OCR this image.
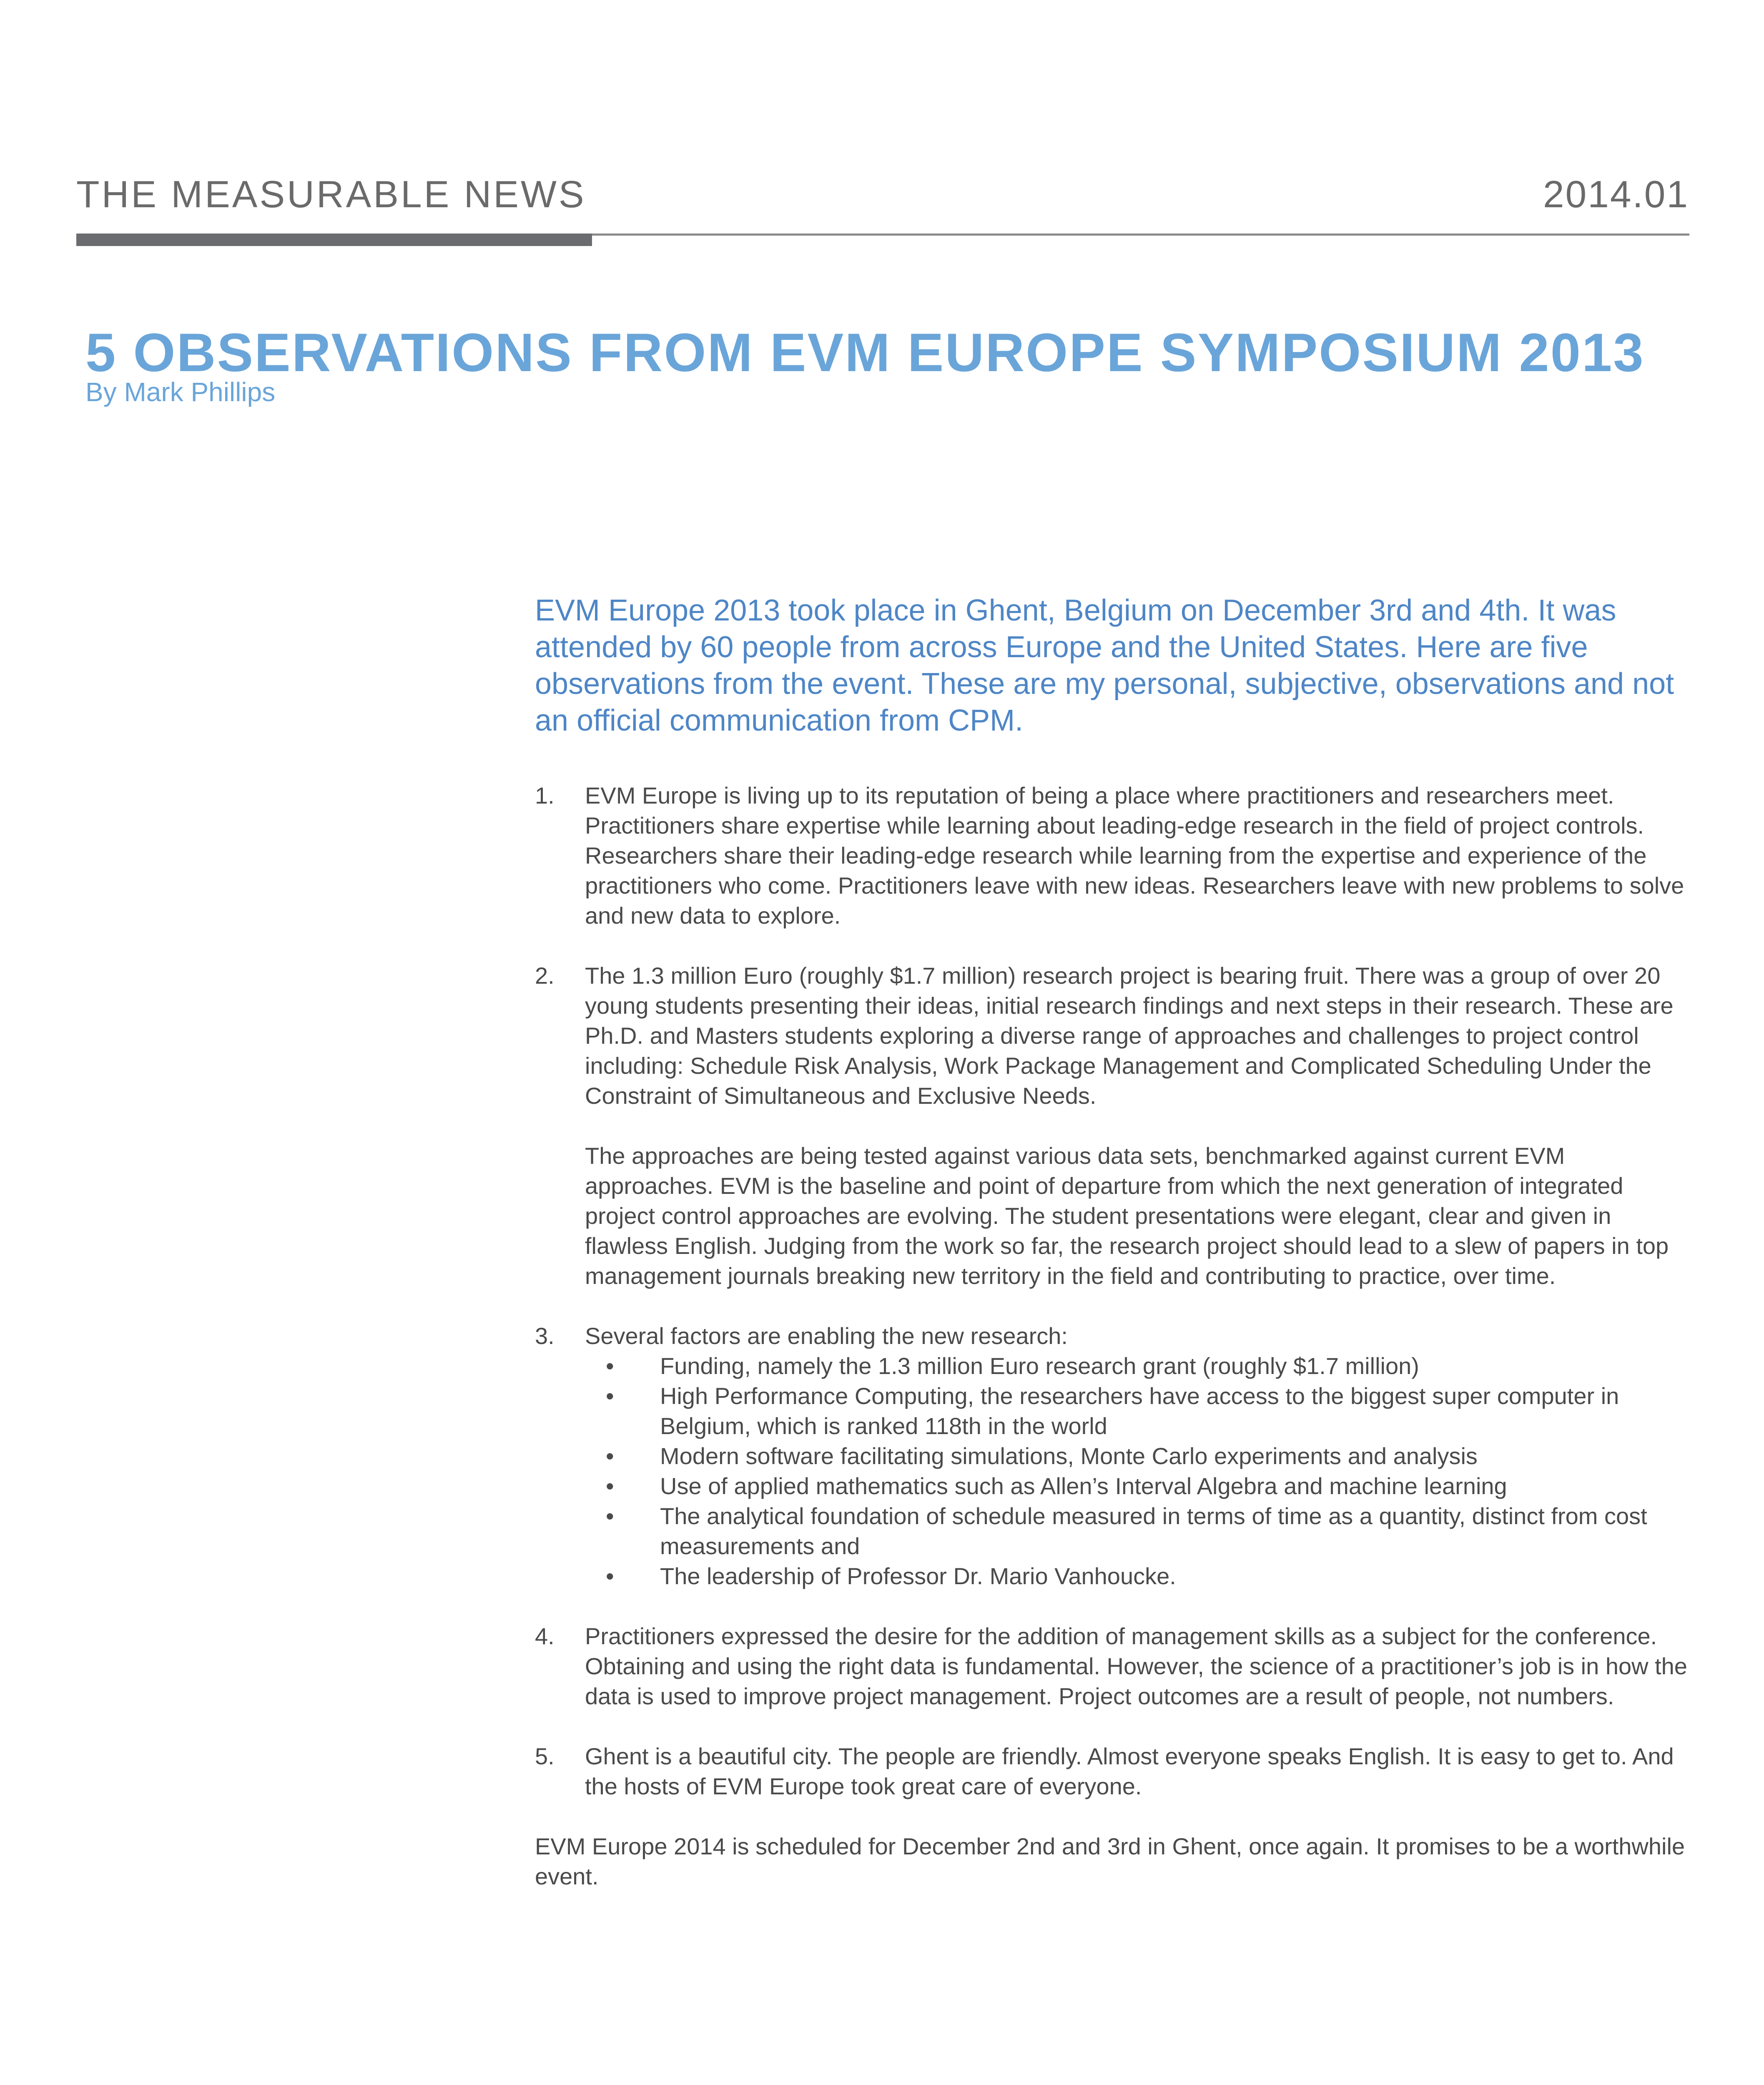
THE MEASURABLE NEWS	2014.01
5 OBSERVATIONS FROM EVM EUROPE SYMPOSIUM 2013
By Mark Phillips

EVM Europe 2013 took place in Ghent, Belgium on December 3rd and 4th. It was attended by 60 people from across Europe and the United States. Here are five observations from the event. These are my personal, subjective, observations and not an official communication from CPM.

1.	EVM Europe is living up to its reputation of being a place where practitioners and researchers meet. Practitioners share expertise while learning about leading-edge research in the field of project controls. Researchers share their leading-edge research while learning from the expertise and experience of the practitioners who come. Practitioners leave with new ideas. Researchers leave with new problems to solve and new data to explore.

2.	The 1.3 million Euro (roughly $1.7 million) research project is bearing fruit. There was a group of over 20 young students presenting their ideas, initial research findings and next steps in their research. These are Ph.D. and Masters students exploring a diverse range of approaches and challenges to project control including: Schedule Risk Analysis, Work Package Management and Complicated Scheduling Under the Constraint of Simultaneous and Exclusive Needs.

The approaches are being tested against various data sets, benchmarked against current EVM approaches. EVM is the baseline and point of departure from which the next generation of integrated project control approaches are evolving. The student presentations were elegant, clear and given in flawless English. Judging from the work so far, the research project should lead to a slew of papers in top management journals breaking new territory in the field and contributing to practice, over time.

3.	Several factors are enabling the new research:

• Funding, namely the 1.3 million Euro research grant (roughly $1.7 million)
• High Performance Computing, the researchers have access to the biggest super computer in Belgium, which is ranked 118th in the world
• Modern software facilitating simulations, Monte Carlo experiments and analysis
• Use of applied mathematics such as Allen’s Interval Algebra and machine learning
• The analytical foundation of schedule measured in terms of time as a quantity, distinct from cost measurements and
• The leadership of Professor Dr. Mario Vanhoucke.
4.	Practitioners expressed the desire for the addition of management skills as a subject for the conference. Obtaining and using the right data is fundamental. However, the science of a practitioner’s job is in how the data is used to improve project management. Project outcomes are a result of people, not numbers.

5.	Ghent is a beautiful city. The people are friendly. Almost everyone speaks English. It is easy to get to. And the hosts of EVM Europe took great care of everyone.

EVM Europe 2014 is scheduled for December 2nd and 3rd in Ghent, once again. It promises to be a worthwhile event.
